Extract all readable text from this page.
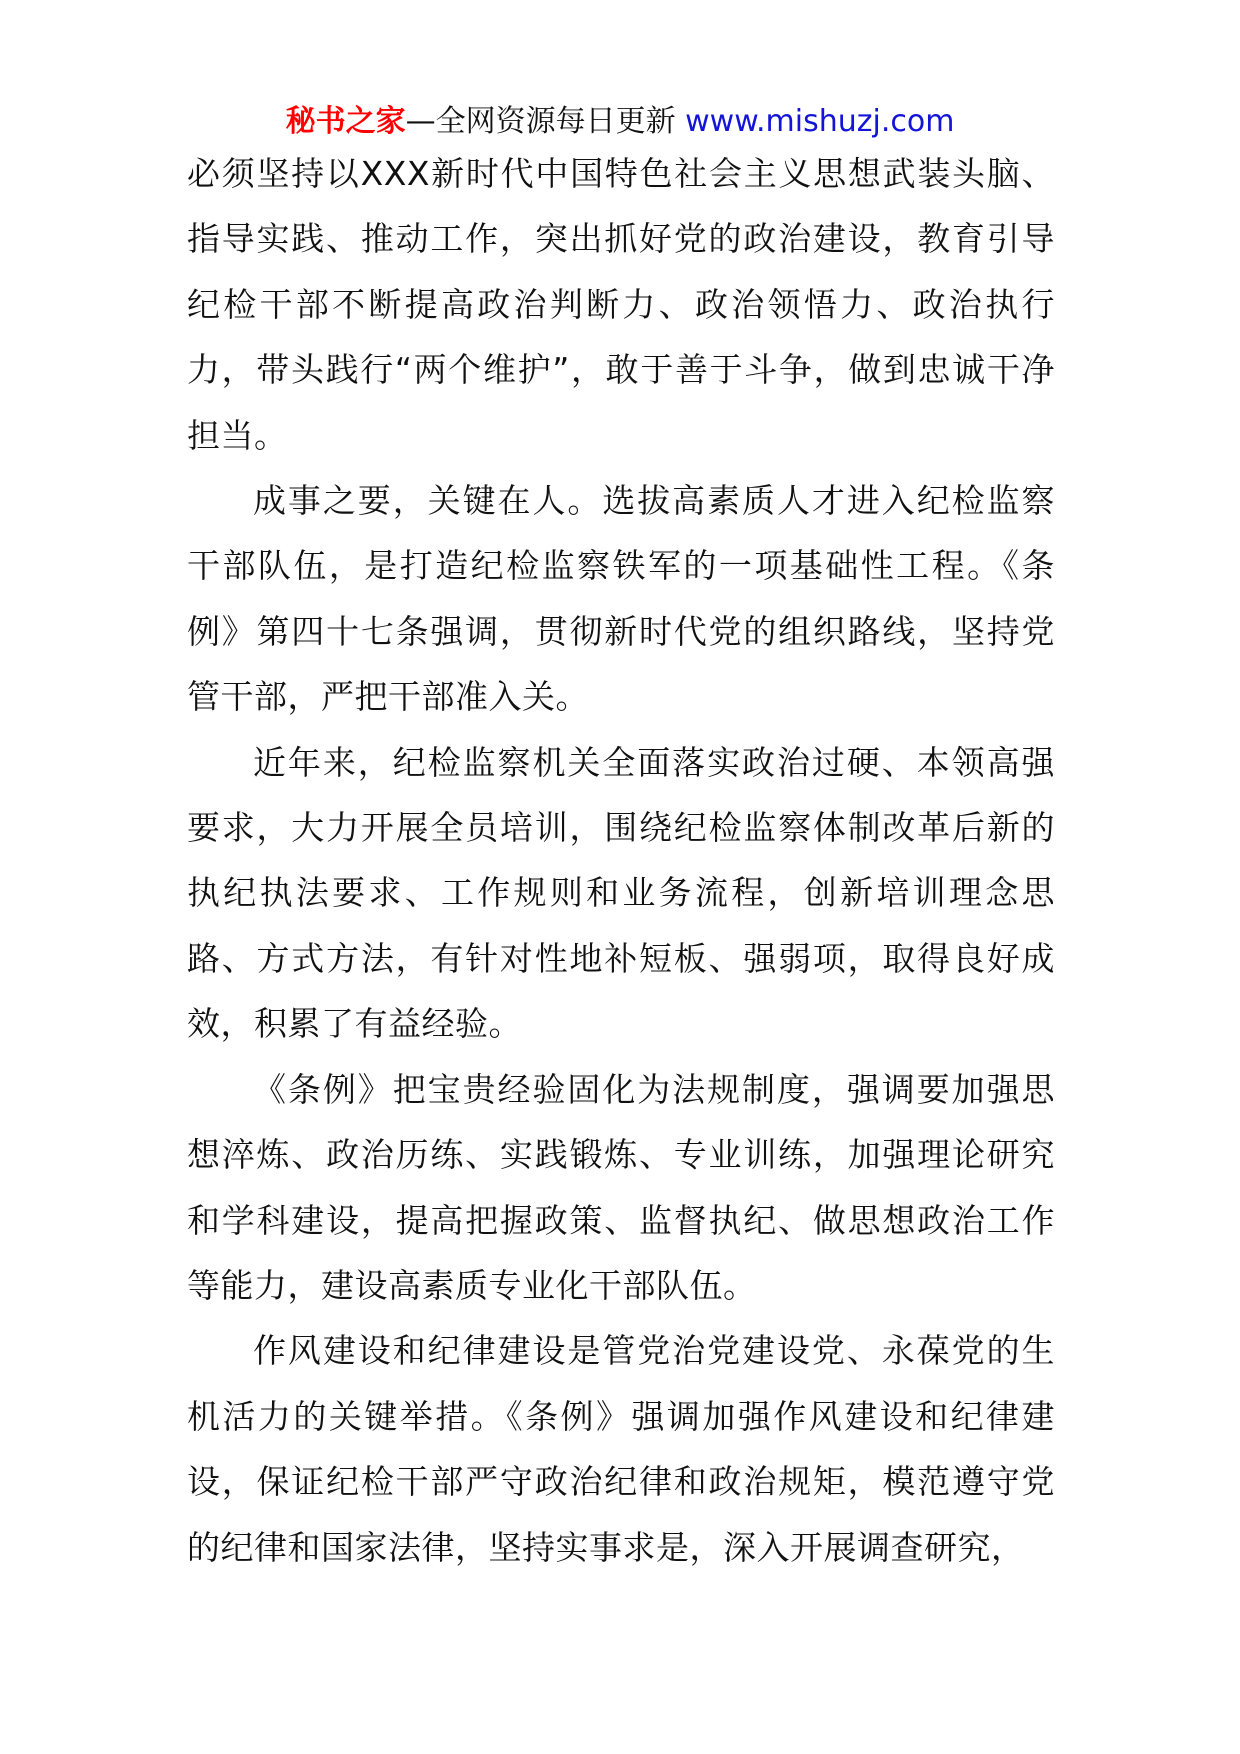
秘书之家—全网资源每日更新 www.mishuzj.com

必须坚持以XXX新时代中国特色社会主义思想武装头脑、指导实践、推动工作，突出抓好党的政治建设，教育引导纪检干部不断提高政治判断力、政治领悟力、政治执行力，带头践行“两个维护”，敢于善于斗争，做到忠诚干净担当。

成事之要，关键在人。选拔高素质人才进入纪检监察干部队伍，是打造纪检监察铁军的一项基础性工程。《条例》第四十七条强调，贯彻新时代党的组织路线，坚持党管干部，严把干部准入关。

近年来，纪检监察机关全面落实政治过硬、本领高强要求，大力开展全员培训，围绕纪检监察体制改革后新的执纪执法要求、工作规则和业务流程，创新培训理念思路、方式方法，有针对性地补短板、强弱项，取得良好成效，积累了有益经验。

《条例》把宝贵经验固化为法规制度，强调要加强思想淬炼、政治历练、实践锻炼、专业训练，加强理论研究和学科建设，提高把握政策、监督执纪、做思想政治工作等能力，建设高素质专业化干部队伍。

作风建设和纪律建设是管党治党建设党、永葆党的生机活力的关键举措。《条例》强调加强作风建设和纪律建设，保证纪检干部严守政治纪律和政治规矩，模范遵守党的纪律和国家法律，坚持实事求是，深入开展调查研究，
